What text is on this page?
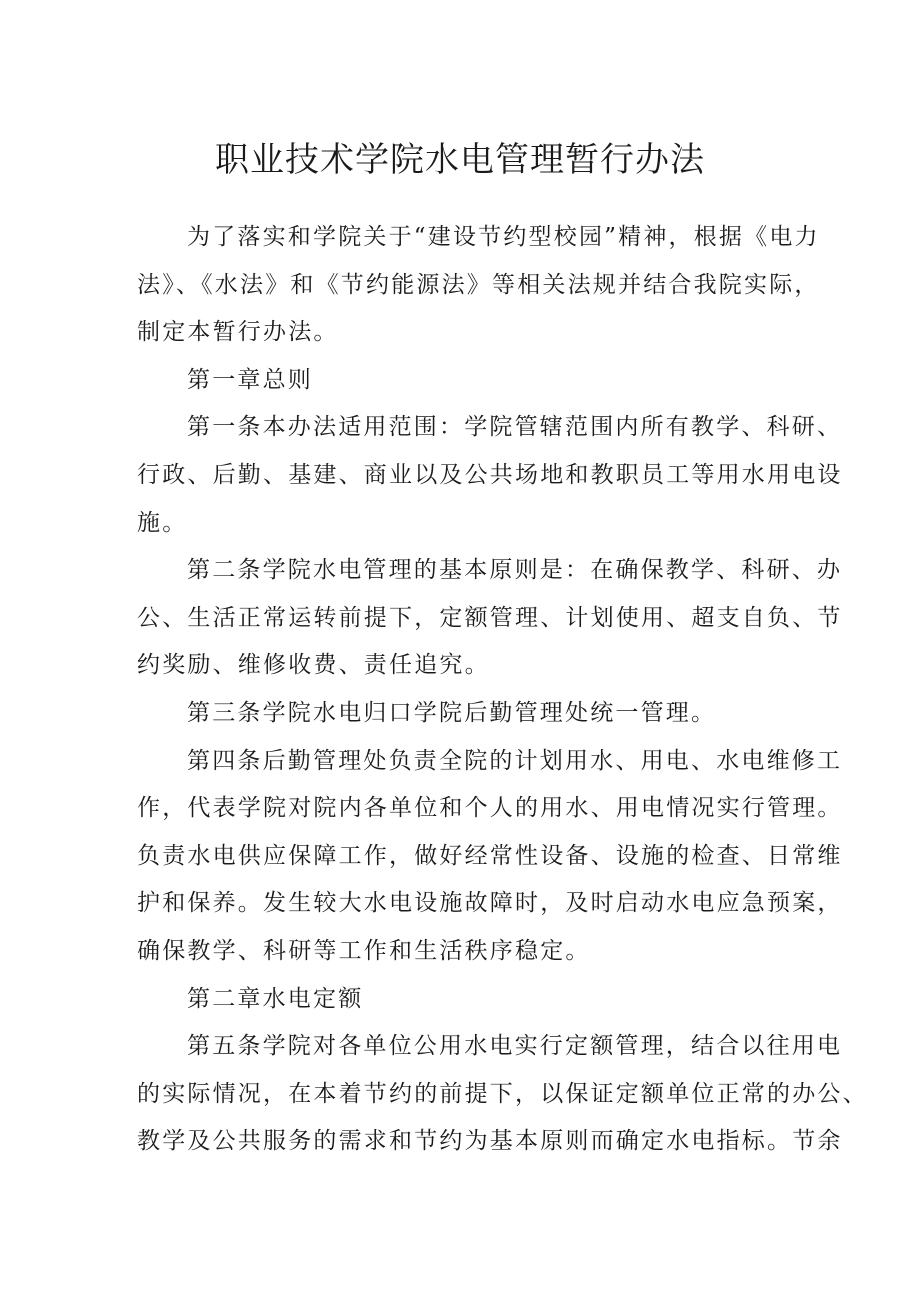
职业技术学院水电管理暂行办法

为了落实和学院关于“建设节约型校园”精神，根据《电力
法》、《水法》和《节约能源法》等相关法规并结合我院实际，
制定本暂行办法。

第一章总则

第一条本办法适用范围：学院管辖范围内所有教学、科研、
行政、后勤、基建、商业以及公共场地和教职员工等用水用电设
施。

第二条学院水电管理的基本原则是：在确保教学、科研、办
公、生活正常运转前提下，定额管理、计划使用、超支自负、节
约奖励、维修收费、责任追究。

第三条学院水电归口学院后勤管理处统一管理。

第四条后勤管理处负责全院的计划用水、用电、水电维修工
作，代表学院对院内各单位和个人的用水、用电情况实行管理。
负责水电供应保障工作，做好经常性设备、设施的检查、日常维
护和保养。发生较大水电设施故障时，及时启动水电应急预案，
确保教学、科研等工作和生活秩序稳定。

第二章水电定额

第五条学院对各单位公用水电实行定额管理，结合以往用电
的实际情况，在本着节约的前提下，以保证定额单位正常的办公、
教学及公共服务的需求和节约为基本原则而确定水电指标。节余
